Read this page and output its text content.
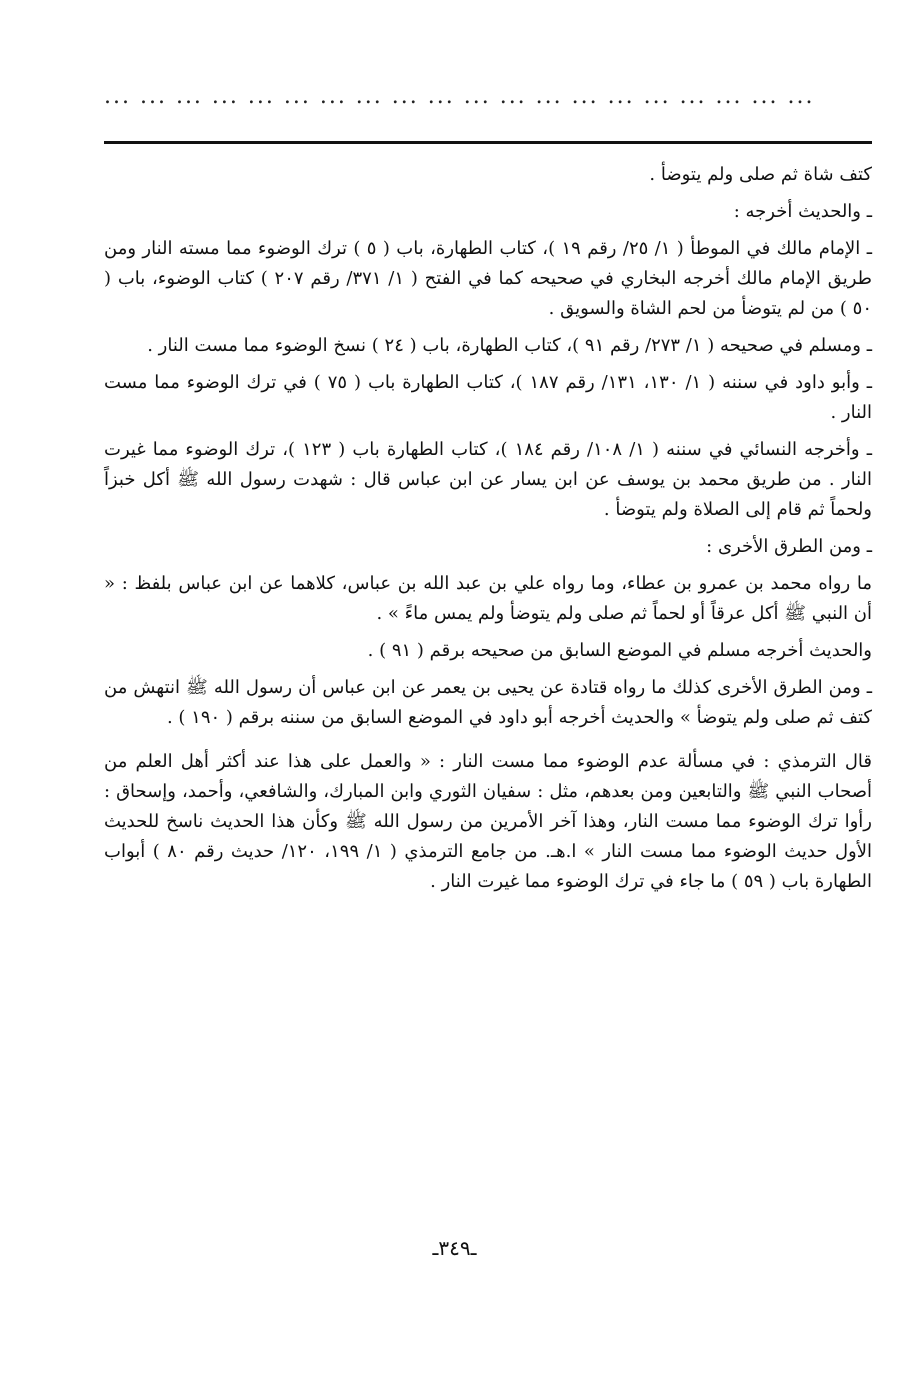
... ... ... ... ... ... ... ... ... ... ... ... ... ... ... ... ... ... ... ...

كتف شاة ثم صلى ولم يتوضأ .

ـ والحديث أخرجه :

ـ الإمام مالك في الموطأ ( ١/ ٢٥/ رقم ١٩ )، كتاب الطهارة، باب ( ٥ ) ترك الوضوء مما مسته النار ومن طريق الإمام مالك أخرجه البخاري في صحيحه كما في الفتح ( ١/ ٣٧١/ رقم ٢٠٧ ) كتاب الوضوء، باب ( ٥٠ ) من لم يتوضأ من لحم الشاة والسويق .

ـ ومسلم في صحيحه ( ١/ ٢٧٣/ رقم ٩١ )، كتاب الطهارة، باب ( ٢٤ ) نسخ الوضوء مما مست النار .

ـ وأبو داود في سننه ( ١/ ١٣٠، ١٣١/ رقم ١٨٧ )، كتاب الطهارة باب ( ٧٥ ) في ترك الوضوء مما مست النار .

ـ وأخرجه النسائي في سننه ( ١/ ١٠٨/ رقم ١٨٤ )، كتاب الطهارة باب ( ١٢٣ )، ترك الوضوء مما غيرت النار . من طريق محمد بن يوسف عن ابن يسار عن ابن عباس قال : شهدت رسول الله ﷺ أكل خبزاً ولحماً ثم قام إلى الصلاة ولم يتوضأ .

ـ ومن الطرق الأخرى :

ما رواه محمد بن عمرو بن عطاء، وما رواه علي بن عبد الله بن عباس، كلاهما عن ابن عباس بلفظ : « أن النبي ﷺ أكل عرقاً أو لحماً ثم صلى ولم يتوضأ ولم يمس ماءً » .

والحديث أخرجه مسلم في الموضع السابق من صحيحه برقم ( ٩١ ) .

ـ ومن الطرق الأخرى كذلك ما رواه قتادة عن يحيى بن يعمر عن ابن عباس أن رسول الله ﷺ انتهش من كتف ثم صلى ولم يتوضأ » والحديث أخرجه أبو داود في الموضع السابق من سننه برقم ( ١٩٠ ) .

قال الترمذي : في مسألة عدم الوضوء مما مست النار : « والعمل على هذا عند أكثر أهل العلم من أصحاب النبي ﷺ والتابعين ومن بعدهم، مثل : سفيان الثوري وابن المبارك، والشافعي، وأحمد، وإسحاق : رأوا ترك الوضوء مما مست النار، وهذا آخر الأمرين من رسول الله ﷺ وكأن هذا الحديث ناسخ للحديث الأول حديث الوضوء مما مست النار » ا.هـ. من جامع الترمذي ( ١/ ١٩٩، ١٢٠/ حديث رقم ٨٠ ) أبواب الطهارة باب ( ٥٩ ) ما جاء في ترك الوضوء مما غيرت النار .

ـ٣٤٩ـ
